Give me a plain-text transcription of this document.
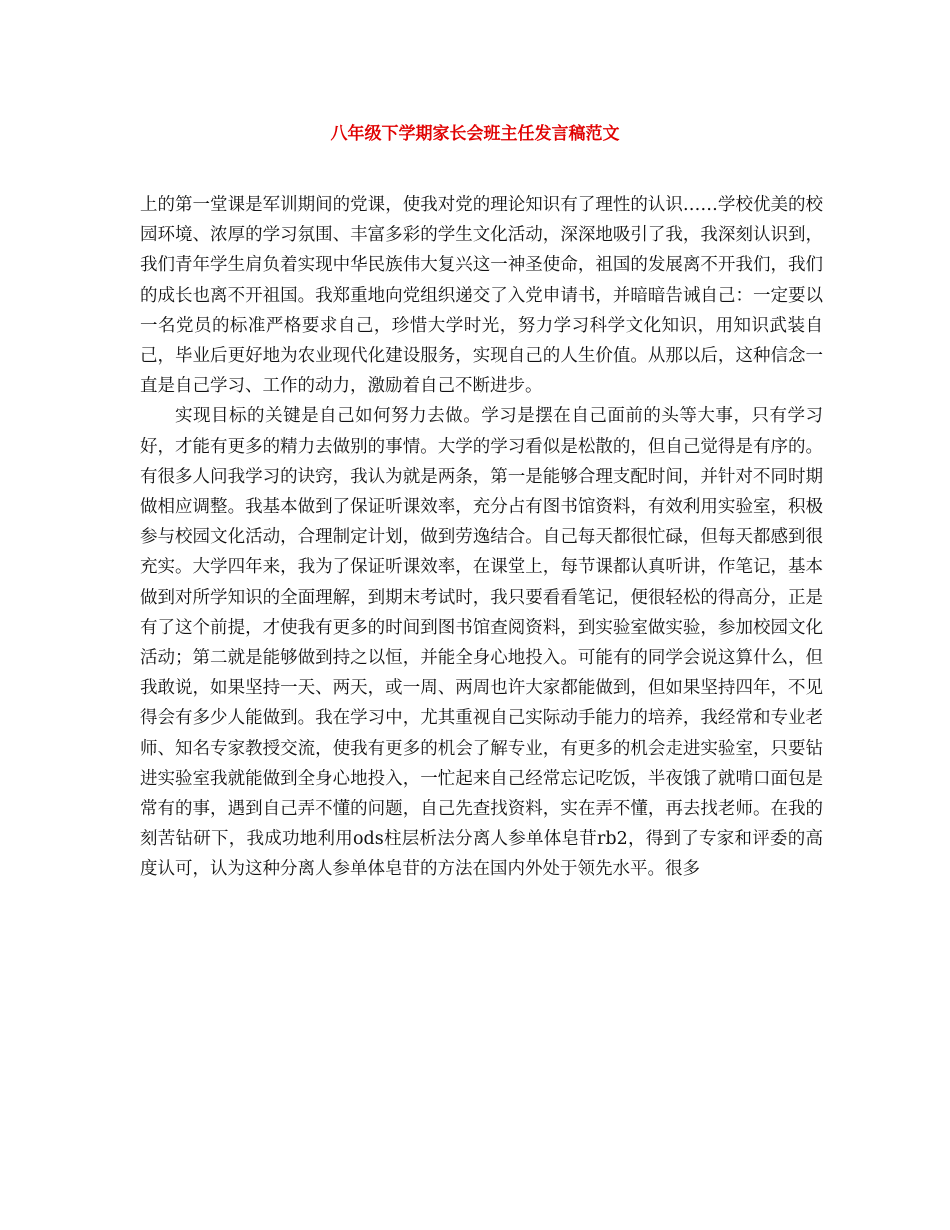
八年级下学期家长会班主任发言稿范文

上的第一堂课是军训期间的党课，使我对党的理论知识有了理性的认识……学校优美的校园环境、浓厚的学习氛围、丰富多彩的学生文化活动，深深地吸引了我，我深刻认识到，我们青年学生肩负着实现中华民族伟大复兴这一神圣使命，祖国的发展离不开我们，我们的成长也离不开祖国。我郑重地向党组织递交了入党申请书，并暗暗告诫自己：一定要以一名党员的标准严格要求自己，珍惜大学时光，努力学习科学文化知识，用知识武装自己，毕业后更好地为农业现代化建设服务，实现自己的人生价值。从那以后，这种信念一直是自己学习、工作的动力，激励着自己不断进步。

实现目标的关键是自己如何努力去做。学习是摆在自己面前的头等大事，只有学习好，才能有更多的精力去做别的事情。大学的学习看似是松散的，但自己觉得是有序的。有很多人问我学习的诀窍，我认为就是两条，第一是能够合理支配时间，并针对不同时期做相应调整。我基本做到了保证听课效率，充分占有图书馆资料，有效利用实验室，积极参与校园文化活动，合理制定计划，做到劳逸结合。自己每天都很忙碌，但每天都感到很充实。大学四年来，我为了保证听课效率，在课堂上，每节课都认真听讲，作笔记，基本做到对所学知识的全面理解，到期末考试时，我只要看看笔记，便很轻松的得高分，正是有了这个前提，才使我有更多的时间到图书馆查阅资料，到实验室做实验，参加校园文化活动；第二就是能够做到持之以恒，并能全身心地投入。可能有的同学会说这算什么，但我敢说，如果坚持一天、两天，或一周、两周也许大家都能做到，但如果坚持四年，不见得会有多少人能做到。我在学习中，尤其重视自己实际动手能力的培养，我经常和专业老师、知名专家教授交流，使我有更多的机会了解专业，有更多的机会走进实验室，只要钻进实验室我就能做到全身心地投入，一忙起来自己经常忘记吃饭，半夜饿了就啃口面包是常有的事，遇到自己弄不懂的问题，自己先查找资料，实在弄不懂，再去找老师。在我的刻苦钻研下，我成功地利用ods柱层析法分离人参单体皂苷rb2，得到了专家和评委的高度认可，认为这种分离人参单体皂苷的方法在国内外处于领先水平。很多
